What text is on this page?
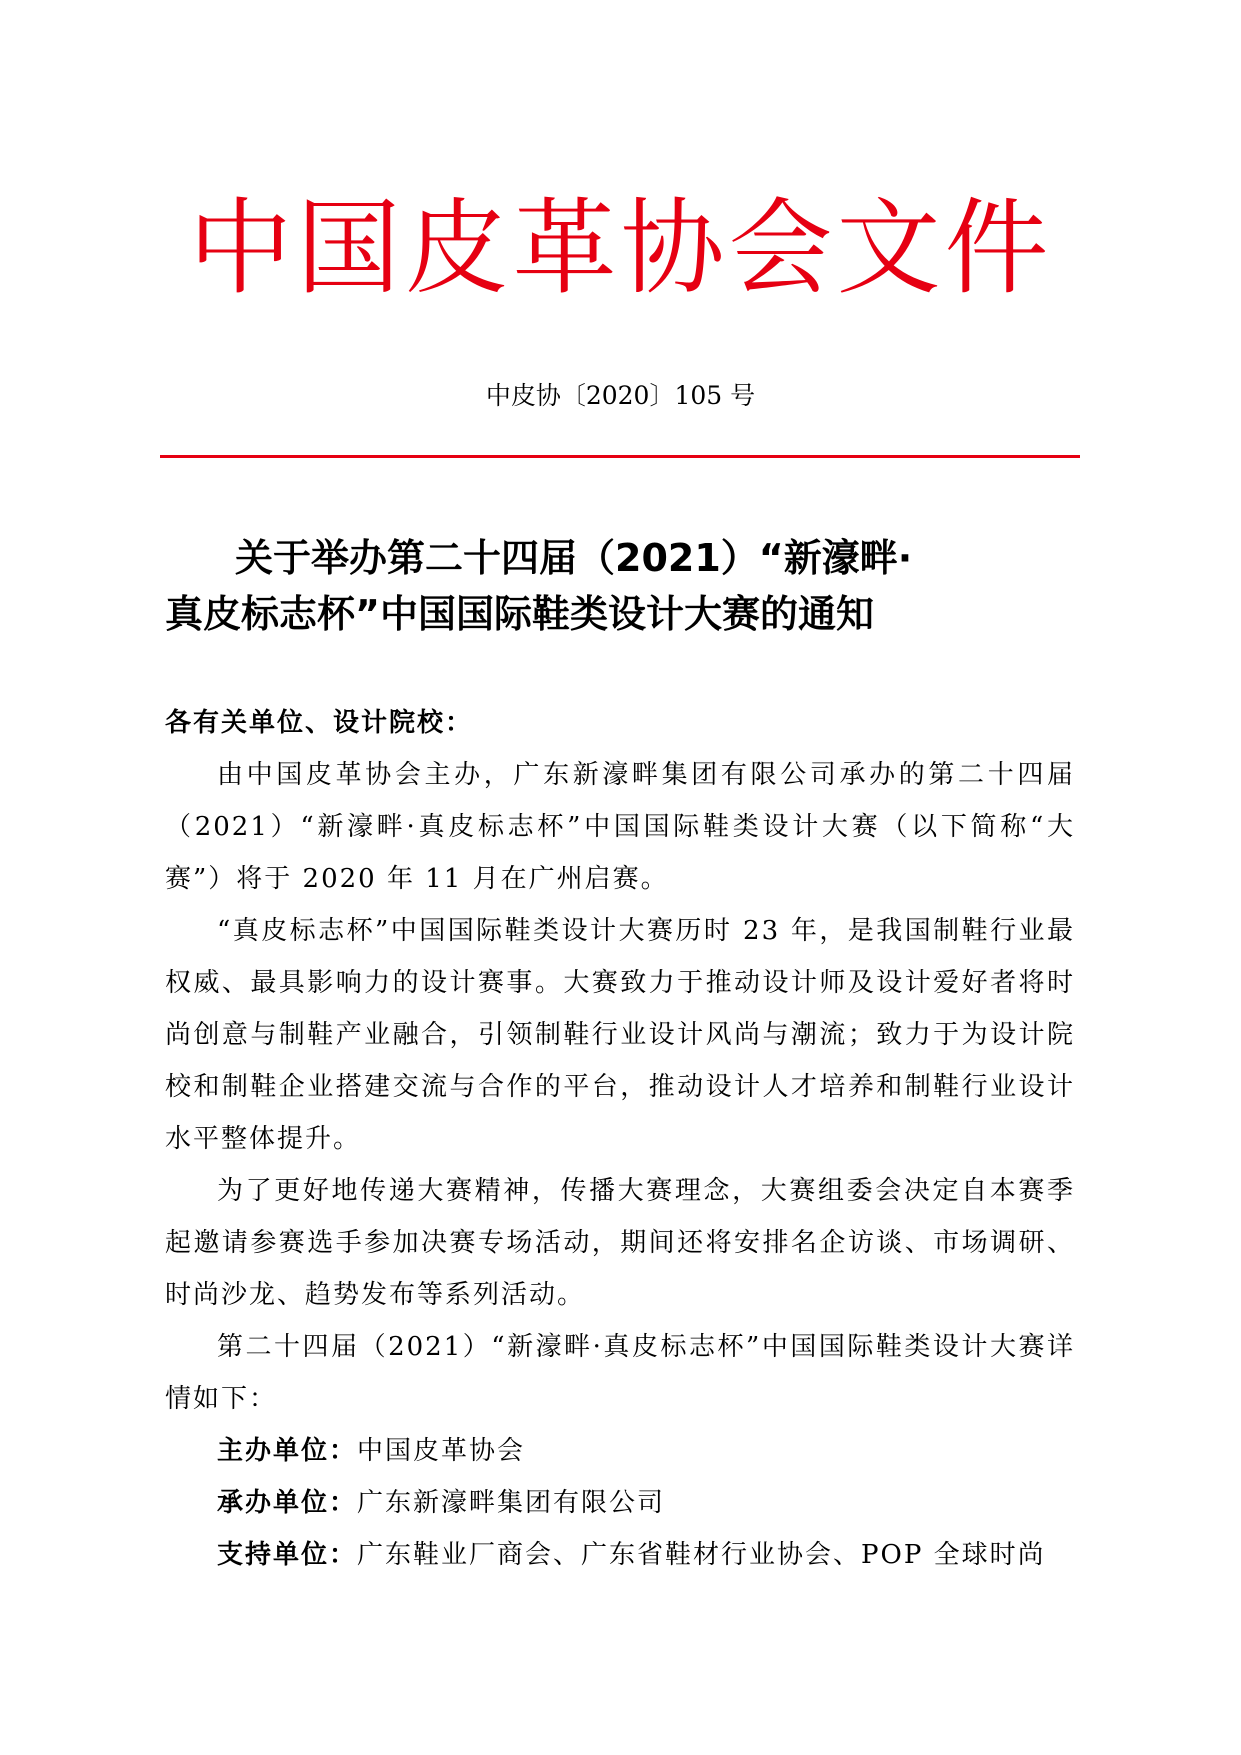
中国皮革协会文件
中皮协〔2020〕105 号
关于举办第二十四届（2021）“新濠畔·
真皮标志杯”中国国际鞋类设计大赛的通知

各有关单位、设计院校：

由中国皮革协会主办，广东新濠畔集团有限公司承办的第二十四届（2021）“新濠畔·真皮标志杯”中国国际鞋类设计大赛（以下简称“大赛”）将于 2020 年 11 月在广州启赛。

“真皮标志杯”中国国际鞋类设计大赛历时 23 年，是我国制鞋行业最权威、最具影响力的设计赛事。大赛致力于推动设计师及设计爱好者将时尚创意与制鞋产业融合，引领制鞋行业设计风尚与潮流；致力于为设计院校和制鞋企业搭建交流与合作的平台，推动设计人才培养和制鞋行业设计水平整体提升。

为了更好地传递大赛精神，传播大赛理念，大赛组委会决定自本赛季起邀请参赛选手参加决赛专场活动，期间还将安排名企访谈、市场调研、时尚沙龙、趋势发布等系列活动。

第二十四届（2021）“新濠畔·真皮标志杯”中国国际鞋类设计大赛详情如下：

主办单位：中国皮革协会

承办单位：广东新濠畔集团有限公司

支持单位：广东鞋业厂商会、广东省鞋材行业协会、POP 全球时尚
